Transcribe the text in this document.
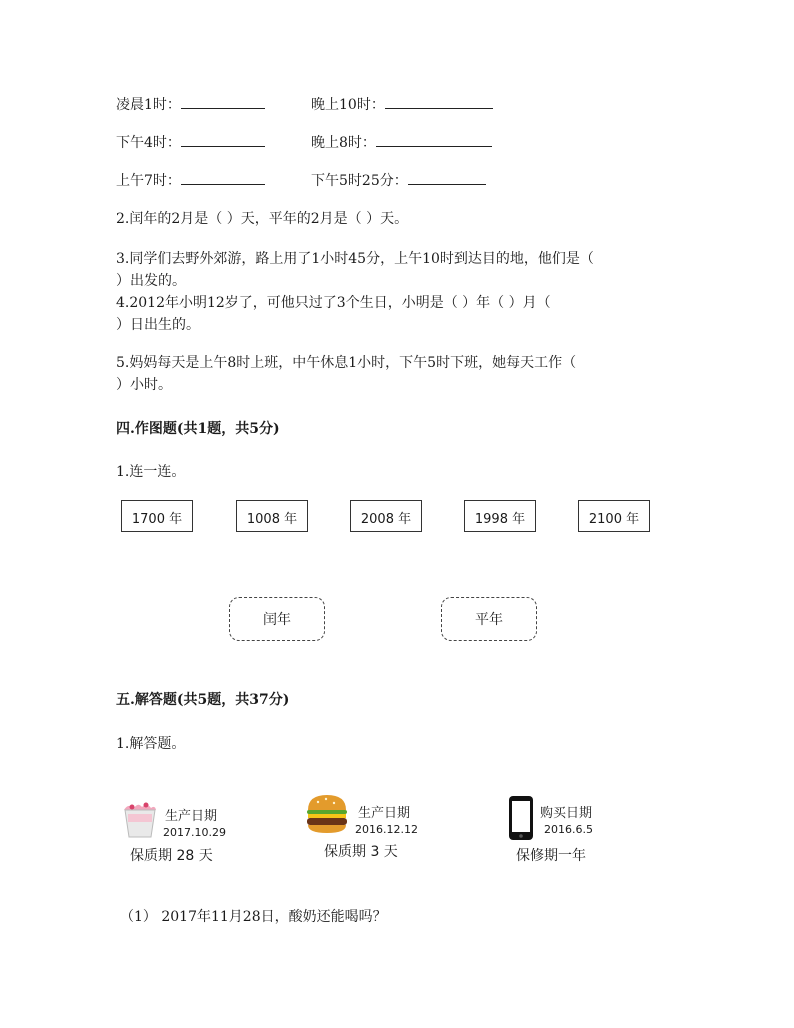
凌晨1时：	晚上10时：
下午4时：	晚上8时：
上午7时：	下午5时25分：
2.闰年的2月是（ ）天，平年的2月是（ ）天。
3.同学们去野外郊游，路上用了1小时45分，上午10时到达目的地，他们是（
）出发的。
4.2012年小明12岁了，可他只过了3个生日，小明是（ ）年（ ）月（
）日出生的。
5.妈妈每天是上午8时上班，中午休息1小时，下午5时下班，她每天工作（
）小时。
四.作图题(共1题，共5分)
1.连一连。
1700 年	1008 年	2008 年	1998 年	2100 年
闰年	平年
五.解答题(共5题，共37分)
1.解答题。
生产日期
2017.10.29
保质期 28 天
生产日期
2016.12.12
保质期 3 天
购买日期
2016.6.5
保修期一年
（1） 2017年11月28日，酸奶还能喝吗？
